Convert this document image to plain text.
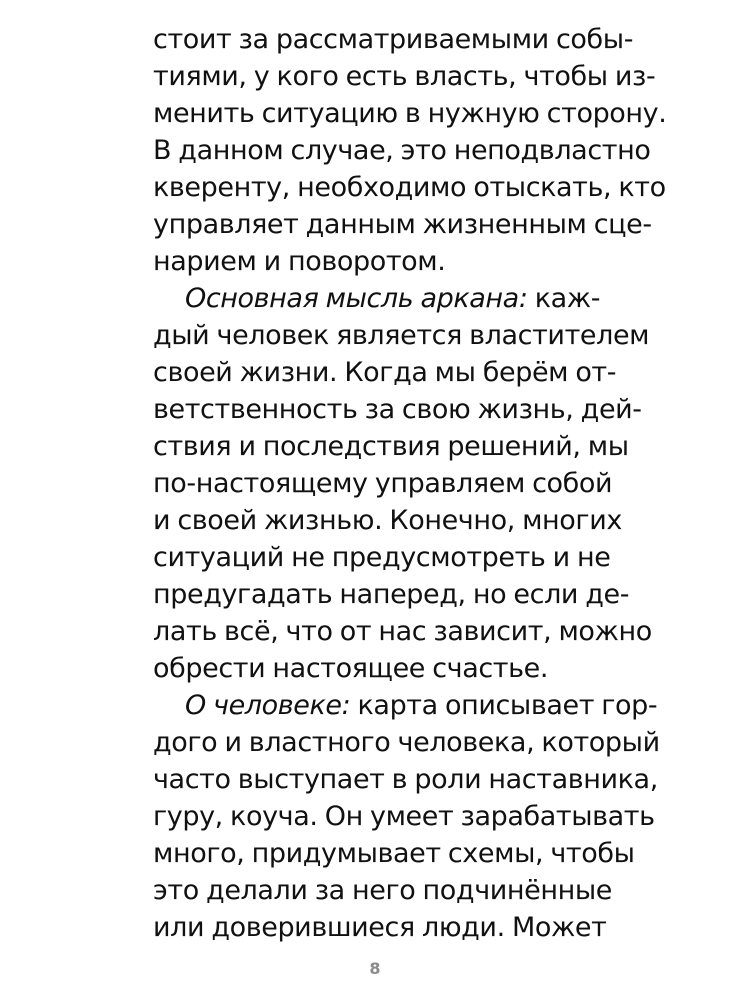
стоит за рассматриваемыми собы-
тиями, у кого есть власть, чтобы из-
менить ситуацию в нужную сторону.
В данном случае, это неподвластно
кверенту, необходимо отыскать, кто
управляет данным жизненным сце-
нарием и поворотом.
Основная мысль аркана: каж-
дый человек является властителем
своей жизни. Когда мы берём от-
ветственность за свою жизнь, дей-
ствия и последствия решений, мы
по-настоящему управляем собой
и своей жизнью. Конечно, многих
ситуаций не предусмотреть и не
предугадать наперед, но если де-
лать всё, что от нас зависит, можно
обрести настоящее счастье.
О человеке: карта описывает гор-
дого и властного человека, который
часто выступает в роли наставника,
гуру, коуча. Он умеет зарабатывать
много, придумывает схемы, чтобы
это делали за него подчинённые
или доверившиеся люди. Может
8
